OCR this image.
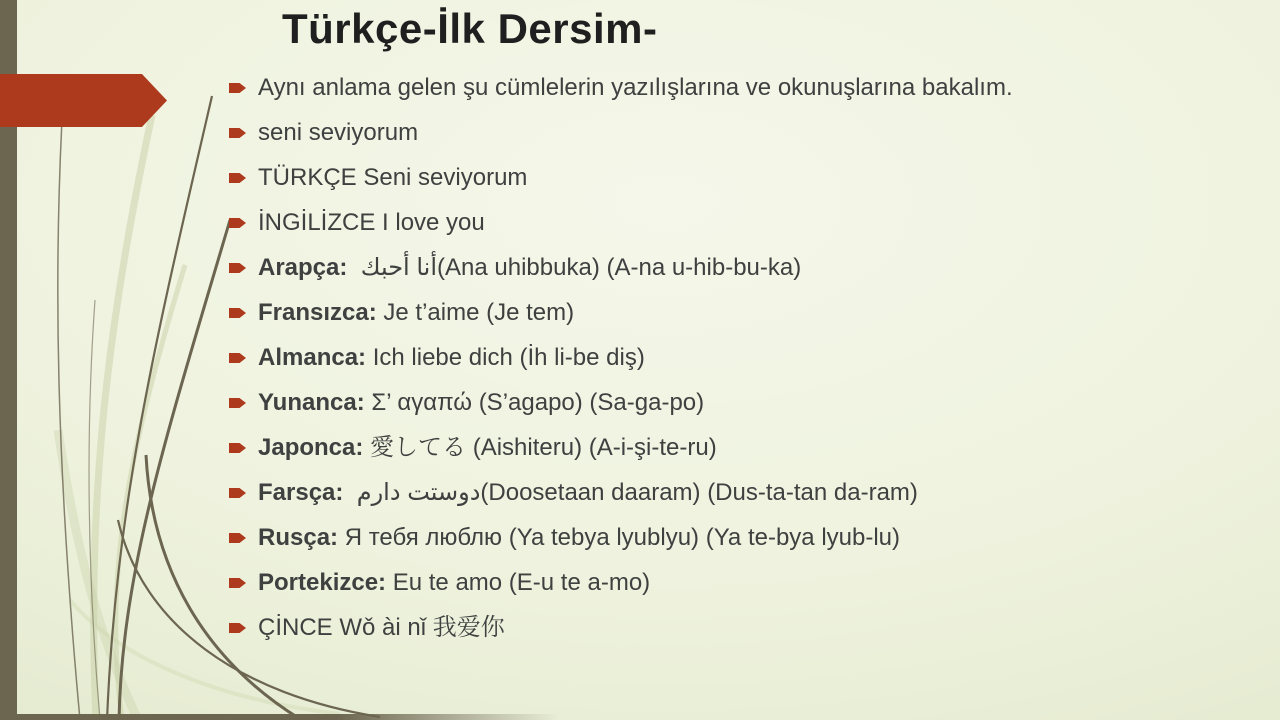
Türkçe-İlk Dersim-
Aynı anlama gelen şu cümlelerin yazılışlarına ve okunuşlarına bakalım.
seni seviyorum
TÜRKÇE Seni seviyorum
İNGİLİZCE I love you
Arapça:  أنا أحبك(Ana uhibbuka) (A-na u-hib-bu-ka)
Fransızca: Je t’aime (Je tem)
Almanca: Ich liebe dich (İh li-be diş)
Yunanca: Σ’ αγαπώ (S’agapo) (Sa-ga-po)
Japonca: 愛してる (Aishiteru) (A-i-şi-te-ru)
Farsça:  دوستت دارم(Doosetaan daaram) (Dus-ta-tan da-ram)
Rusça: Я тебя люблю (Ya tebya lyublyu) (Ya te-bya lyub-lu)
Portekizce: Eu te amo (E-u te a-mo)
ÇİNCE Wǒ ài nǐ 我爱你
